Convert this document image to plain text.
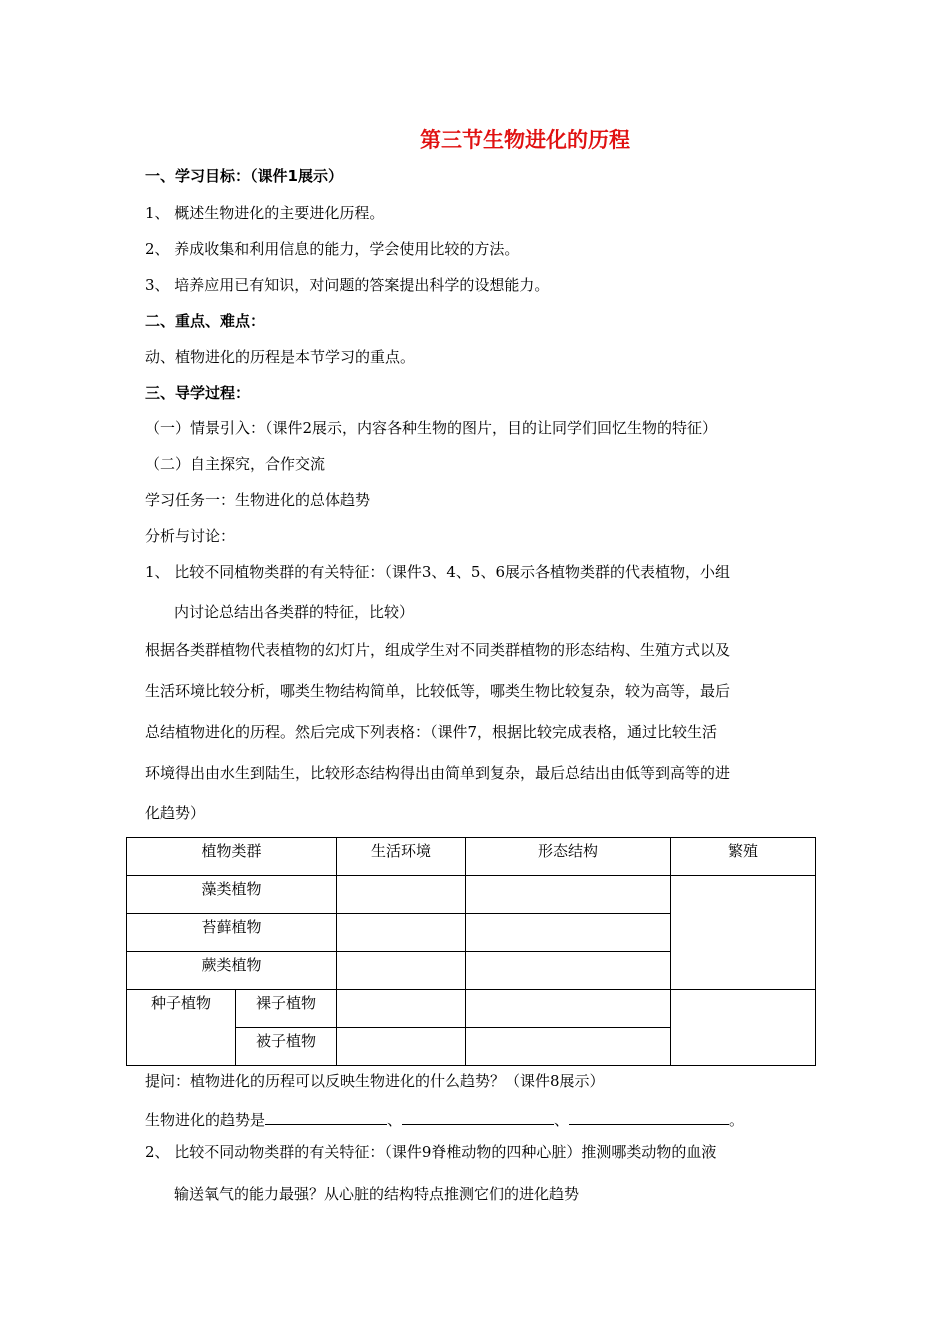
第三节生物进化的历程
一、学习目标：（课件1展示）
1、 概述生物进化的主要进化历程。
2、 养成收集和利用信息的能力，学会使用比较的方法。
3、 培养应用已有知识，对问题的答案提出科学的设想能力。
二、重点、难点：
动、植物进化的历程是本节学习的重点。
三、导学过程：
（一）情景引入：（课件2展示，内容各种生物的图片，目的让同学们回忆生物的特征）
（二）自主探究，合作交流
学习任务一：生物进化的总体趋势
分析与讨论：
1、 比较不同植物类群的有关特征：（课件3、4、5、6展示各植物类群的代表植物，小组
内讨论总结出各类群的特征，比较）
根据各类群植物代表植物的幻灯片，组成学生对不同类群植物的形态结构、生殖方式以及
生活环境比较分析，哪类生物结构简单，比较低等，哪类生物比较复杂，较为高等，最后
总结植物进化的历程。然后完成下列表格：（课件7，根据比较完成表格，通过比较生活
环境得出由水生到陆生，比较形态结构得出由简单到复杂，最后总结出由低等到高等的进
化趋势）
植物类群		生活环境	形态结构	繁殖
藻类植物				
苔藓植物				
蕨类植物				
种子植物	裸子植物			
	被子植物			
提问：植物进化的历程可以反映生物进化的什么趋势？（课件8展示）
生物进化的趋势是	、	、	。
2、 比较不同动物类群的有关特征：（课件9脊椎动物的四种心脏）推测哪类动物的血液
输送氧气的能力最强？从心脏的结构特点推测它们的进化趋势
